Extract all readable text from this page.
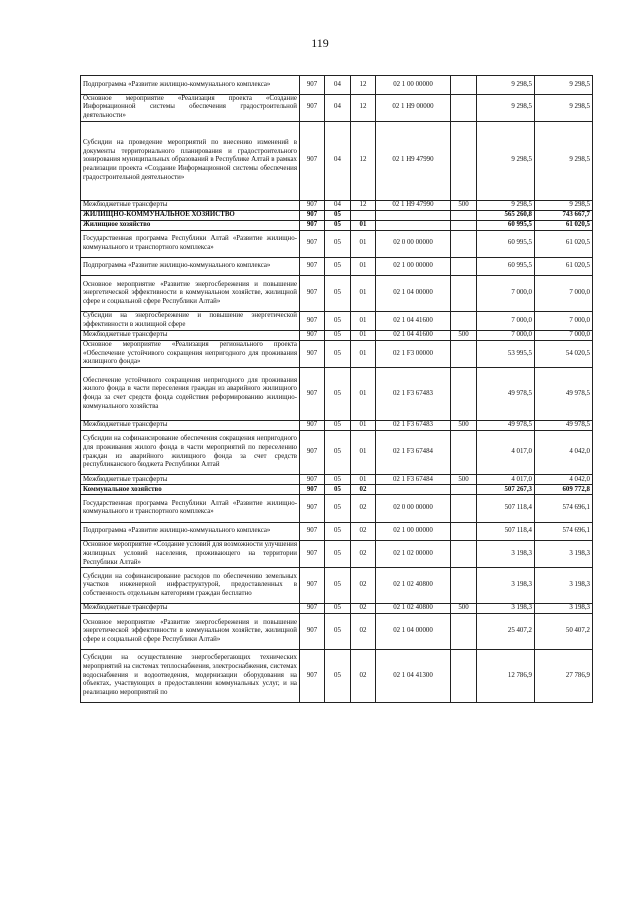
119
Подпрограмма «Развитие жилищно-коммунального комплекса»	907	04	12	02 1 00 00000		9 298,5	9 298,5
Основное мероприятие «Реализация проекта «Создание Информационной системы обеспечения градостроительной деятельности»	907	04	12	02 1 Н9 00000		9 298,5	9 298,5
Субсидии на проведение мероприятий по внесению изменений в документы территориального планирования и градостроительного зонирования муниципальных образований в Республике Алтай в рамках реализации проекта «Создание Информационной системы обеспечения градостроительной деятельности»	907	04	12	02 1 Н9 47990		9 298,5	9 298,5
Межбюджетные трансферты	907	04	12	02 1 Н9 47990	500	9 298,5	9 298,5
ЖИЛИЩНО-КОММУНАЛЬНОЕ ХОЗЯЙСТВО	907	05				565 260,8	743 667,7
Жилищное хозяйство	907	05	01			60 995,5	61 020,5
Государственная программа Республики Алтай «Развитие жилищно-коммунального и транспортного комплекса»	907	05	01	02 0 00 00000		60 995,5	61 020,5
Подпрограмма «Развитие жилищно-коммунального комплекса»	907	05	01	02 1 00 00000		60 995,5	61 020,5
Основное мероприятие «Развитие энергосбережения и повышение энергетической эффективности в коммунальном хозяйстве, жилищной сфере и социальной сфере Республики Алтай»	907	05	01	02 1 04 00000		7 000,0	7 000,0
Субсидии на энергосбережение и повышение энергетической эффективности в жилищной сфере	907	05	01	02 1 04 41600		7 000,0	7 000,0
Межбюджетные трансферты	907	05	01	02 1 04 41600	500	7 000,0	7 000,0
Основное мероприятие «Реализация регионального проекта «Обеспечение устойчивого сокращения непригодного для проживания жилищного фонда»	907	05	01	02 1 F3 00000		53 995,5	54 020,5
Обеспечение устойчивого сокращения непригодного для проживания жилого фонда в части переселения граждан из аварийного жилищного фонда за счет средств фонда содействия реформированию жилищно-коммунального хозяйства	907	05	01	02 1 F3 67483		49 978,5	49 978,5
Межбюджетные трансферты	907	05	01	02 1 F3 67483	500	49 978,5	49 978,5
Субсидии на софинансирование обеспечения сокращения непригодного для проживания жилого фонда в части мероприятий по переселению граждан из аварийного жилищного фонда за счет средств республиканского бюджета Республики Алтай	907	05	01	02 1 F3 67484		4 017,0	4 042,0
Межбюджетные трансферты	907	05	01	02 1 F3 67484	500	4 017,0	4 042,0
Коммунальное хозяйство	907	05	02			507 267,3	609 772,8
Государственная программа Республики Алтай «Развитие жилищно-коммунального и транспортного комплекса»	907	05	02	02 0 00 00000		507 118,4	574 696,1
Подпрограмма «Развитие жилищно-коммунального комплекса»	907	05	02	02 1 00 00000		507 118,4	574 696,1
Основное мероприятие «Создание условий для возможности улучшения жилищных условий населения, проживающего на территории Республики Алтай»	907	05	02	02 1 02 00000		3 198,3	3 198,3
Субсидии на софинансирование расходов по обеспечению земельных участков инженерной инфраструктурой, предоставленных в собственность отдельным категориям граждан бесплатно	907	05	02	02 1 02 40800		3 198,3	3 198,3
Межбюджетные трансферты	907	05	02	02 1 02 40800	500	3 198,3	3 198,3
Основное мероприятие «Развитие энергосбережения и повышение энергетической эффективности в коммунальном хозяйстве, жилищной сфере и социальной сфере Республики Алтай»	907	05	02	02 1 04 00000		25 407,2	50 407,2
Субсидии на осуществление энергосберегающих технических мероприятий на системах теплоснабжения, электроснабжения, системах водоснабжения и водоотведения, модернизации оборудования на объектах, участвующих в предоставлении коммунальных услуг, и на реализацию мероприятий по	907	05	02	02 1 04 41300		12 786,9	27 786,9
